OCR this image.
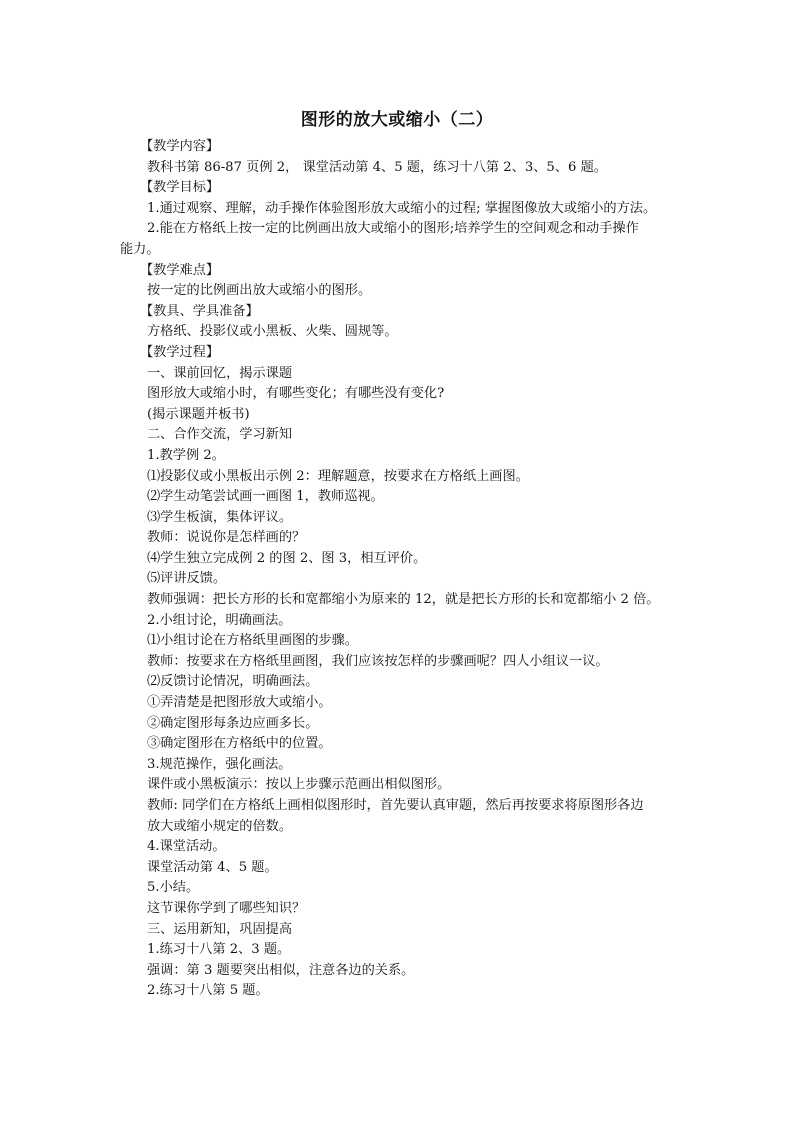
图形的放大或缩小（二）
【教学内容】
教科书第 86-87 页例 2， 课堂活动第 4、5 题，练习十八第 2、3、5、6 题。
【教学目标】
1.通过观察、理解，动手操作体验图形放大或缩小的过程; 掌握图像放大或缩小的方法。
2.能在方格纸上按一定的比例画出放大或缩小的图形;培养学生的空间观念和动手操作
能力。
【教学难点】
按一定的比例画出放大或缩小的图形。
【教具、学具准备】
方格纸、投影仪或小黑板、火柴、圆规等。
【教学过程】
一、课前回忆，揭示课题
图形放大或缩小时，有哪些变化；有哪些没有变化?
(揭示课题并板书)
二、合作交流，学习新知
1.教学例 2。
⑴投影仪或小黑板出示例 2：理解题意，按要求在方格纸上画图。
⑵学生动笔尝试画一画图 1，教师巡视。
⑶学生板演，集体评议。
教师：说说你是怎样画的？
⑷学生独立完成例 2 的图 2、图 3，相互评价。
⑸评讲反馈。
教师强调：把长方形的长和宽都缩小为原来的 12，就是把长方形的长和宽都缩小 2 倍。
2.小组讨论，明确画法。
⑴小组讨论在方格纸里画图的步骤。
教师：按要求在方格纸里画图，我们应该按怎样的步骤画呢？四人小组议一议。
⑵反馈讨论情况，明确画法。
①弄清楚是把图形放大或缩小。
②确定图形每条边应画多长。
③确定图形在方格纸中的位置。
3.规范操作，强化画法。
课件或小黑板演示：按以上步骤示范画出相似图形。
教师: 同学们在方格纸上画相似图形时，首先要认真审题，然后再按要求将原图形各边
放大或缩小规定的倍数。
4.课堂活动。
课堂活动第 4、5 题。
5.小结。
这节课你学到了哪些知识？
三、运用新知，巩固提高
1.练习十八第 2、3 题。
强调：第 3 题要突出相似，注意各边的关系。
2.练习十八第 5 题。
